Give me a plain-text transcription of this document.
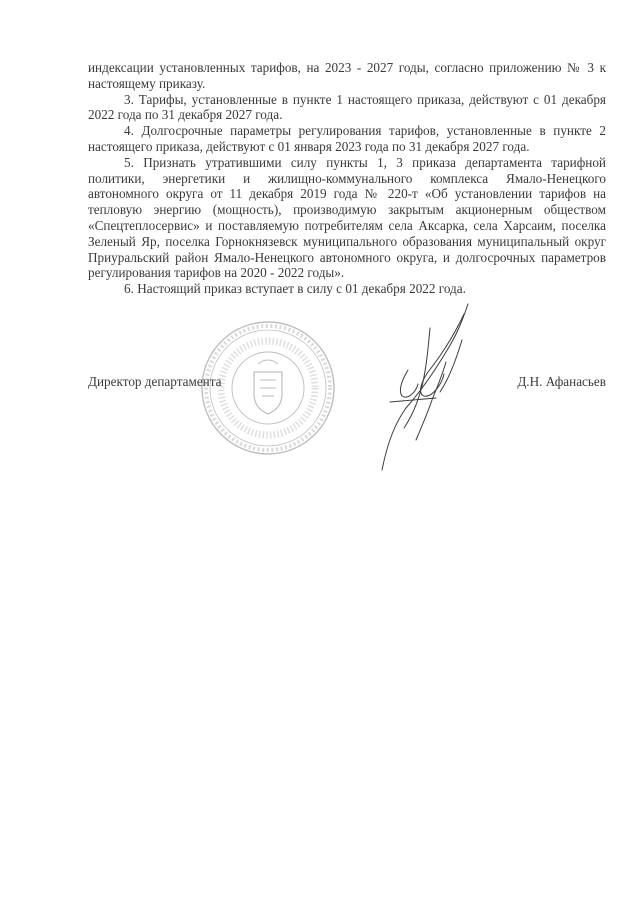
индексации установленных тарифов, на 2023 - 2027 годы, согласно приложению № 3 к настоящему приказу.

3. Тарифы, установленные в пункте 1 настоящего приказа, действуют с 01 декабря 2022 года по 31 декабря 2027 года.

4. Долгосрочные параметры регулирования тарифов, установленные в пункте 2 настоящего приказа, действуют с 01 января 2023 года по 31 декабря 2027 года.

5. Признать утратившими силу пункты 1, 3 приказа департамента тарифной политики, энергетики и жилищно-коммунального комплекса Ямало-Ненецкого автономного округа от 11 декабря 2019 года № 220-т «Об установлении тарифов на тепловую энергию (мощность), производимую закрытым акционерным обществом «Спецтеплосервис» и поставляемую потребителям села Аксарка, села Харсаим, поселка Зеленый Яр, поселка Горнокнязевск муниципального образования муниципальный округ Приуральский район Ямало-Ненецкого автономного округа, и долгосрочных параметров регулирования тарифов на 2020 - 2022 годы».

6. Настоящий приказ вступает в силу с 01 декабря 2022 года.

Директор департамента	Д.Н. Афанасьев
